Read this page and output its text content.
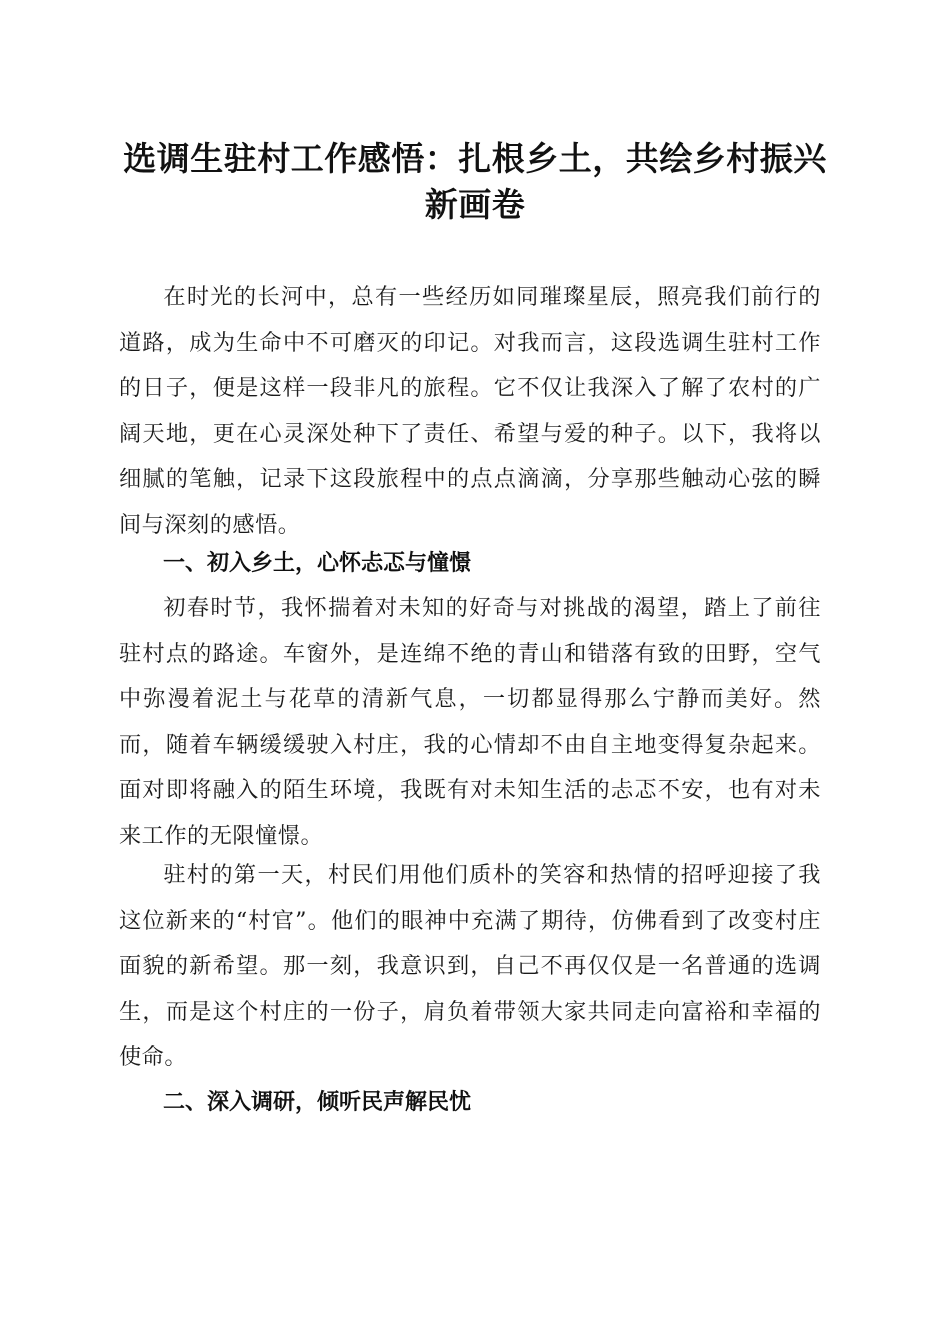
选调生驻村工作感悟：扎根乡土，共绘乡村振兴新画卷

在时光的长河中，总有一些经历如同璀璨星辰，照亮我们前行的道路，成为生命中不可磨灭的印记。对我而言，这段选调生驻村工作的日子，便是这样一段非凡的旅程。它不仅让我深入了解了农村的广阔天地，更在心灵深处种下了责任、希望与爱的种子。以下，我将以细腻的笔触，记录下这段旅程中的点点滴滴，分享那些触动心弦的瞬间与深刻的感悟。

一、初入乡土，心怀忐忑与憧憬

初春时节，我怀揣着对未知的好奇与对挑战的渴望，踏上了前往驻村点的路途。车窗外，是连绵不绝的青山和错落有致的田野，空气中弥漫着泥土与花草的清新气息，一切都显得那么宁静而美好。然而，随着车辆缓缓驶入村庄，我的心情却不由自主地变得复杂起来。面对即将融入的陌生环境，我既有对未知生活的忐忑不安，也有对未来工作的无限憧憬。

驻村的第一天，村民们用他们质朴的笑容和热情的招呼迎接了我这位新来的“村官”。他们的眼神中充满了期待，仿佛看到了改变村庄面貌的新希望。那一刻，我意识到，自己不再仅仅是一名普通的选调生，而是这个村庄的一份子，肩负着带领大家共同走向富裕和幸福的使命。

二、深入调研，倾听民声解民忧
